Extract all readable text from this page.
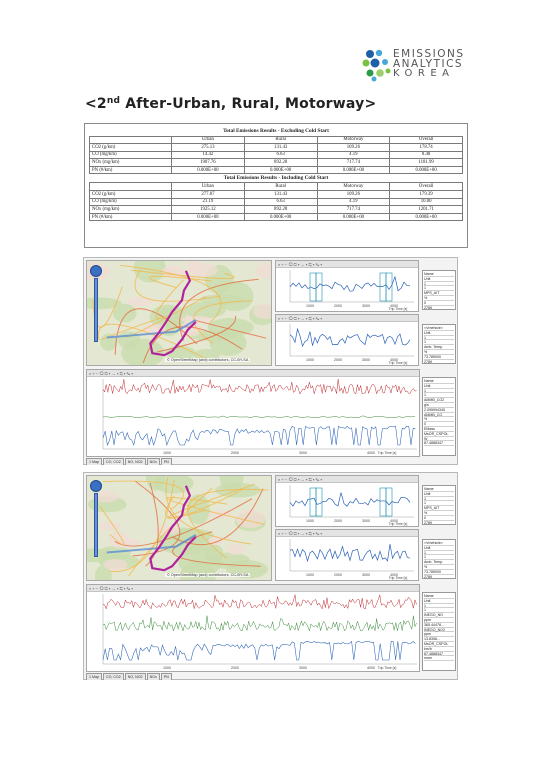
EMISSIONS
ANALYTICS
KOREA
<2nd After-Urban, Rural, Motorway>
Total Emissions Results - Excluding Cold Start				
	Urban	Rural	Motorway	Overall
CO2 (g/km)	275.13	131.43	109.26	178.74
CO (mg/km)	14.42	6.63	4.19	8.48
NOx (mg/km)	1907.76	892.28	717.74	1181.99
PN (#/km)	0.000E+00	0.000E+00	0.000E+00	0.000E+00
Total Emissions Results - Including Cold Start				
	Urban	Rural	Motorway	Overall
CO2 (g/km)	277.87	131.43	109.26	179.39
CO (mg/km)	21.19	6.63	4.19	10.00
NOx (mg/km)	1925.12	892.28	717.74	1201.71
PN (#/km)	0.000E+00	0.000E+00	0.000E+00	0.000E+00
© OpenStreetMap (and) contributors, CC-BY-SA
⌕ + − ⟲ ▢ ▾ ↔ ▾ ⇆ ▾ ✎ ▾
1000	2000	3000	4000
Trip Time [s]
⌕ + − ⟲ ▢ ▾ ↔ ▾ ⇆ ▾ ✎ ▾
1000	2000	3000	4000
Trip Time [s]
Name
Unit
1
1
MPS_AIT
%
0
2789
<Vmehicle>
Unit
1
1
Amb. Temp.
%
73.789000
2789
⌕ + − ⟲ ▢ ▾ ↔ ▾ ⇆ ▾ ✎ ▾
1000	2000	3000	4000 Trip Time [s]
Name
Unit
1
1
AMMB_CO2
g/s
2.095994345
AMMB_CO
%
0
EMass
MsOR_CSPOL
W
87.4888347
1 Map CO, CO2 NO, NO2 NOx PN
© OpenStreetMap (and) contributors, CC-BY-SA
⌕ + − ⟲ ▢ ▾ ↔ ▾ ⇆ ▾ ✎ ▾
1000	2000	3000	4000
Trip Time [s]
⌕ + − ⟲ ▢ ▾ ↔ ▾ ⇆ ▾ ✎ ▾
1000	2000	3000	4000
Trip Time [s]
Name
Unit
1
1
MPS_AIT
%
0
2789
<Vmehicle>
Unit
1
1
Amb. Temp.
%
73.789000
2789
⌕ + − ⟲ ▢ ▾ ↔ ▾ ⇆ ▾ ✎ ▾
1000	2000	3000	4000 Trip Time [s]
Name
Unit
1
1
INEGO_NO
ppm
365.44478...
INEGO_NO2
ppm
13.8356...
MsOR_CSPOL
km/h
87.4888347
none
1 Map CO, CO2 NO, NO2 NOx PN
